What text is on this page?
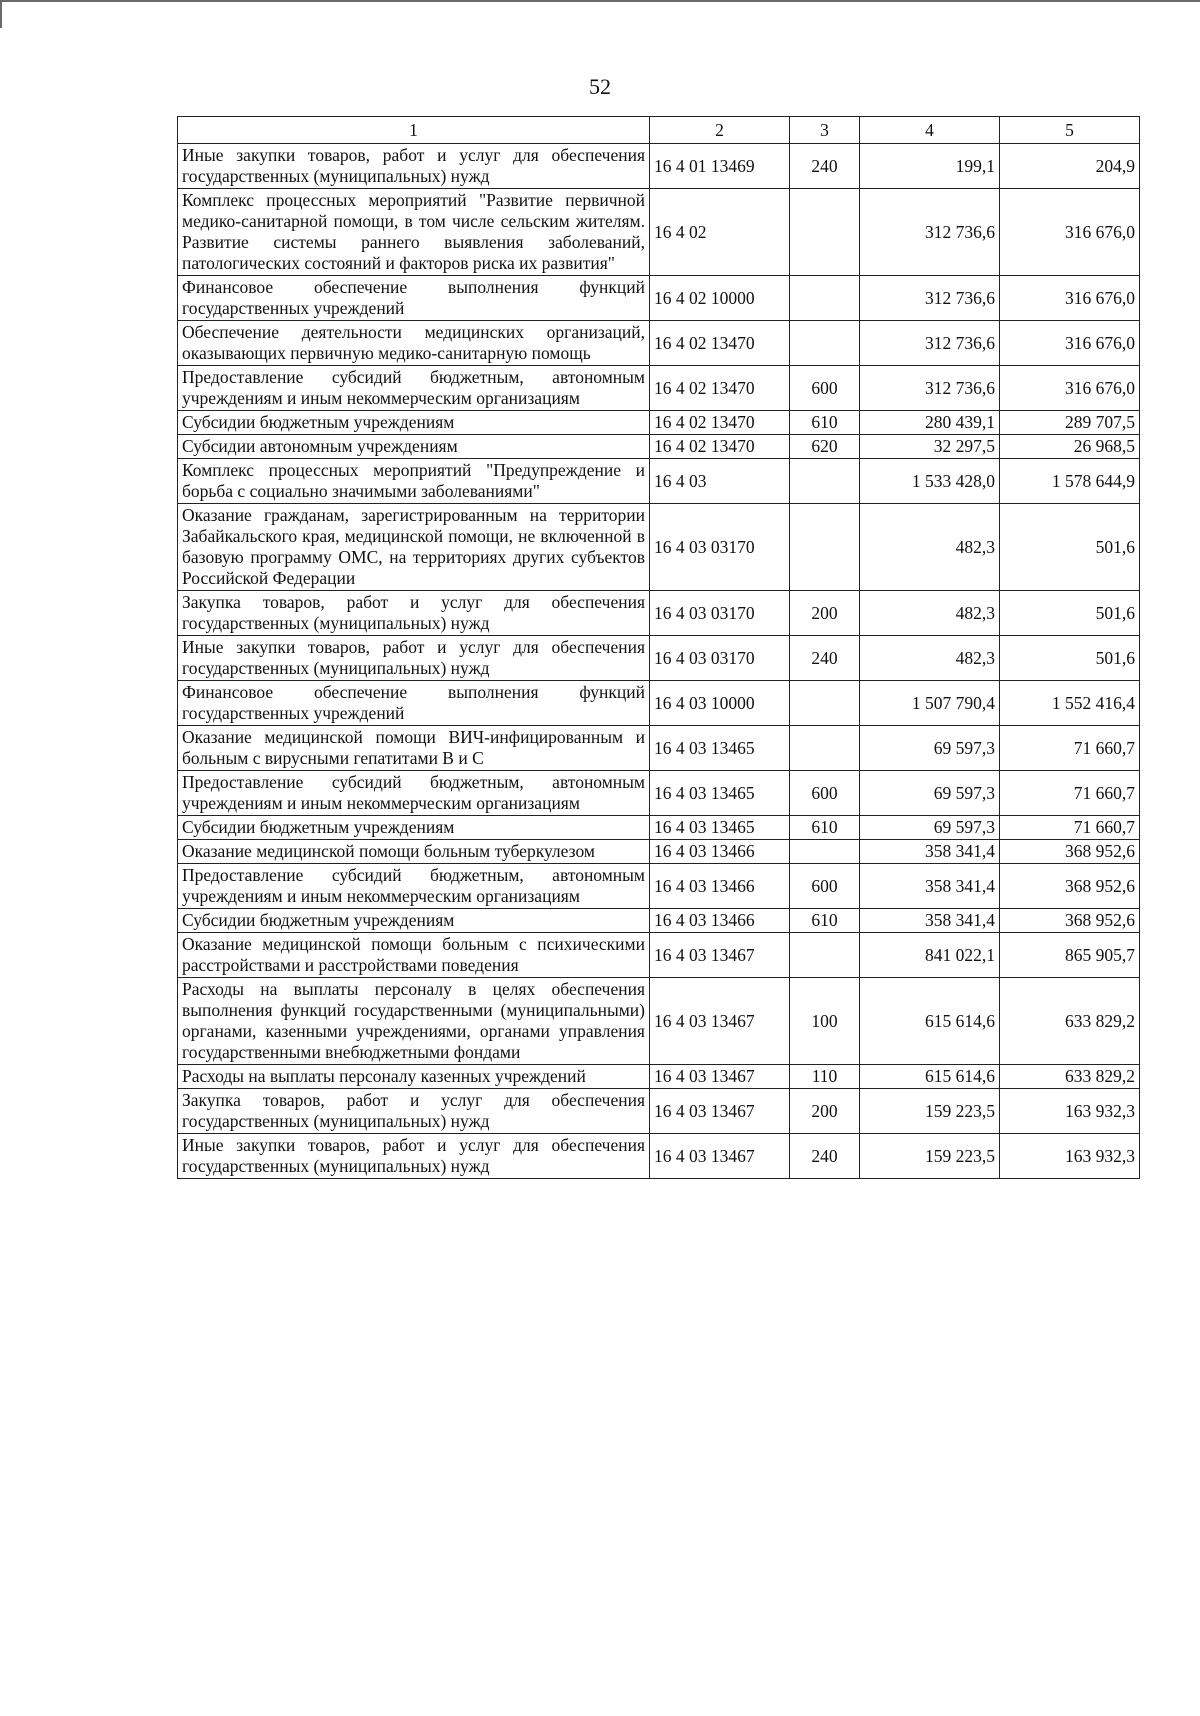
52
1	2	3	4	5
Иные закупки товаров, работ и услуг для обеспечения государственных (муниципальных) нужд	16 4 01 13469	240	199,1	204,9
Комплекс процессных мероприятий "Развитие первичной медико-санитарной помощи, в том числе сельским жителям. Развитие системы раннего выявления заболеваний, патологических состояний и факторов риска их развития"	16 4 02		312 736,6	316 676,0
Финансовое обеспечение выполнения функций государственных учреждений	16 4 02 10000		312 736,6	316 676,0
Обеспечение деятельности медицинских организаций, оказывающих первичную медико-санитарную помощь	16 4 02 13470		312 736,6	316 676,0
Предоставление субсидий бюджетным, автономным учреждениям и иным некоммерческим организациям	16 4 02 13470	600	312 736,6	316 676,0
Субсидии бюджетным учреждениям	16 4 02 13470	610	280 439,1	289 707,5
Субсидии автономным учреждениям	16 4 02 13470	620	32 297,5	26 968,5
Комплекс процессных мероприятий "Предупреждение и борьба с социально значимыми заболеваниями"	16 4 03		1 533 428,0	1 578 644,9
Оказание гражданам, зарегистрированным на территории Забайкальского края, медицинской помощи, не включенной в базовую программу ОМС, на территориях других субъектов Российской Федерации	16 4 03 03170		482,3	501,6
Закупка товаров, работ и услуг для обеспечения государственных (муниципальных) нужд	16 4 03 03170	200	482,3	501,6
Иные закупки товаров, работ и услуг для обеспечения государственных (муниципальных) нужд	16 4 03 03170	240	482,3	501,6
Финансовое обеспечение выполнения функций государственных учреждений	16 4 03 10000		1 507 790,4	1 552 416,4
Оказание медицинской помощи ВИЧ-инфицированным и больным с вирусными гепатитами В и С	16 4 03 13465		69 597,3	71 660,7
Предоставление субсидий бюджетным, автономным учреждениям и иным некоммерческим организациям	16 4 03 13465	600	69 597,3	71 660,7
Субсидии бюджетным учреждениям	16 4 03 13465	610	69 597,3	71 660,7
Оказание медицинской помощи больным туберкулезом	16 4 03 13466		358 341,4	368 952,6
Предоставление субсидий бюджетным, автономным учреждениям и иным некоммерческим организациям	16 4 03 13466	600	358 341,4	368 952,6
Субсидии бюджетным учреждениям	16 4 03 13466	610	358 341,4	368 952,6
Оказание медицинской помощи больным с психическими расстройствами и расстройствами поведения	16 4 03 13467		841 022,1	865 905,7
Расходы на выплаты персоналу в целях обеспечения выполнения функций государственными (муниципальными) органами, казенными учреждениями, органами управления государственными внебюджетными фондами	16 4 03 13467	100	615 614,6	633 829,2
Расходы на выплаты персоналу казенных учреждений	16 4 03 13467	110	615 614,6	633 829,2
Закупка товаров, работ и услуг для обеспечения государственных (муниципальных) нужд	16 4 03 13467	200	159 223,5	163 932,3
Иные закупки товаров, работ и услуг для обеспечения государственных (муниципальных) нужд	16 4 03 13467	240	159 223,5	163 932,3
